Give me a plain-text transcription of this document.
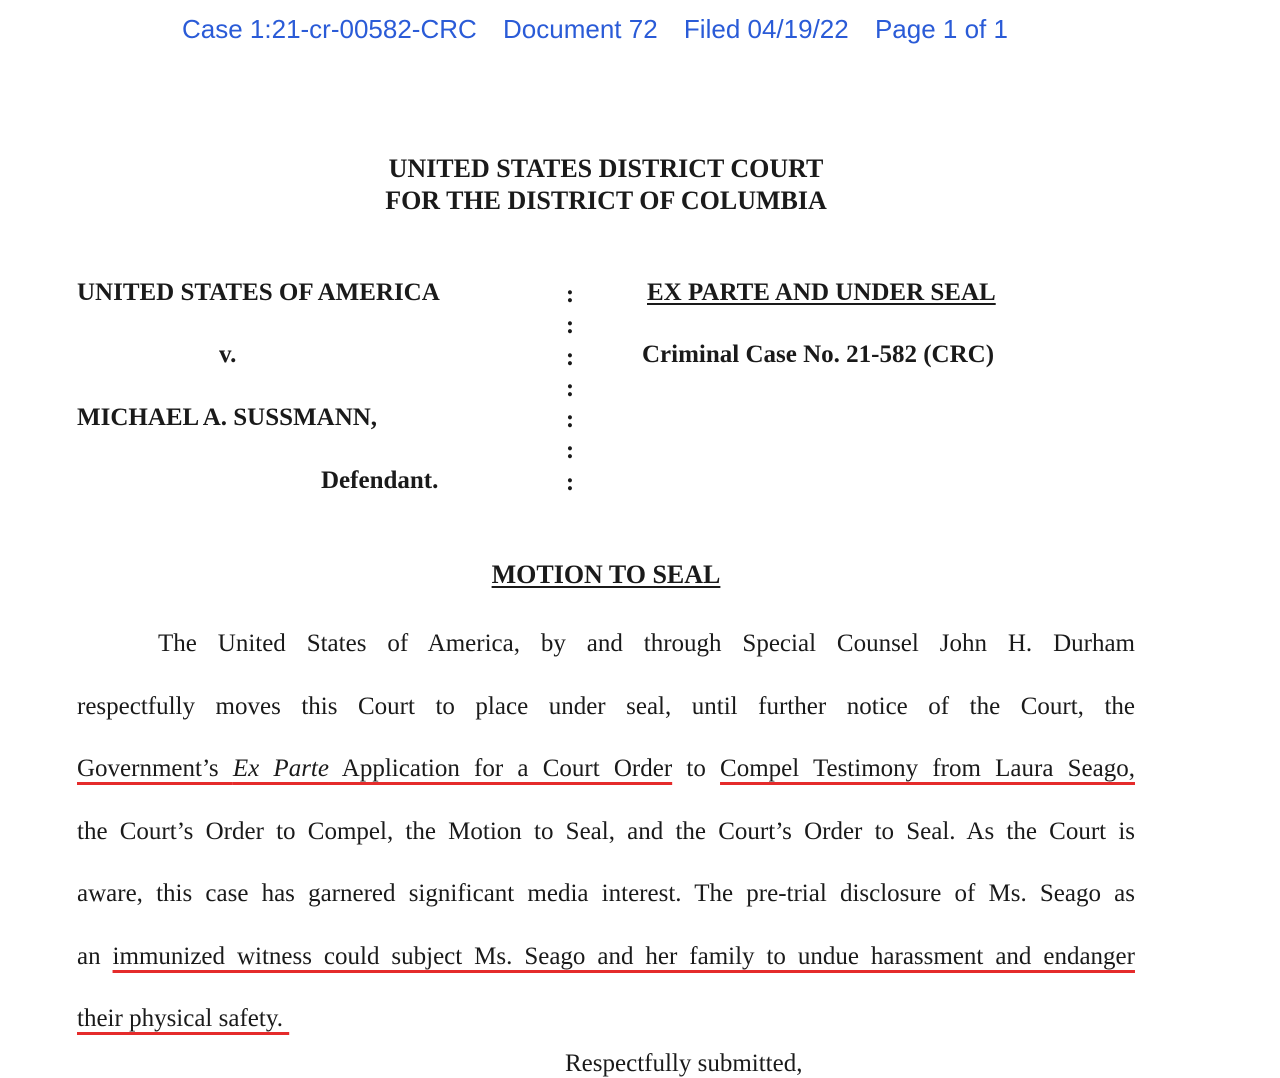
Case 1:21-cr-00582-CRC Document 72 Filed 04/19/22 Page 1 of 1
UNITED STATES DISTRICT COURT
FOR THE DISTRICT OF COLUMBIA
UNITED STATES OF AMERICA
v.
MICHAEL A. SUSSMANN,
Defendant.
:
:
:
:
:
:
:
EX PARTE AND UNDER SEAL
Criminal Case No. 21-582 (CRC)
MOTION TO SEAL
The United States of America, by and through Special Counsel John H. Durham
respectfully moves this Court to place under seal, until further notice of the Court, the
Government’s Ex Parte Application for a Court Order to Compel Testimony from Laura Seago,
the Court’s Order to Compel, the Motion to Seal, and the Court’s Order to Seal. As the Court is
aware, this case has garnered significant media interest. The pre-trial disclosure of Ms. Seago as
an immunized witness could subject Ms. Seago and her family to undue harassment and endanger
their physical safety.
Respectfully submitted,
